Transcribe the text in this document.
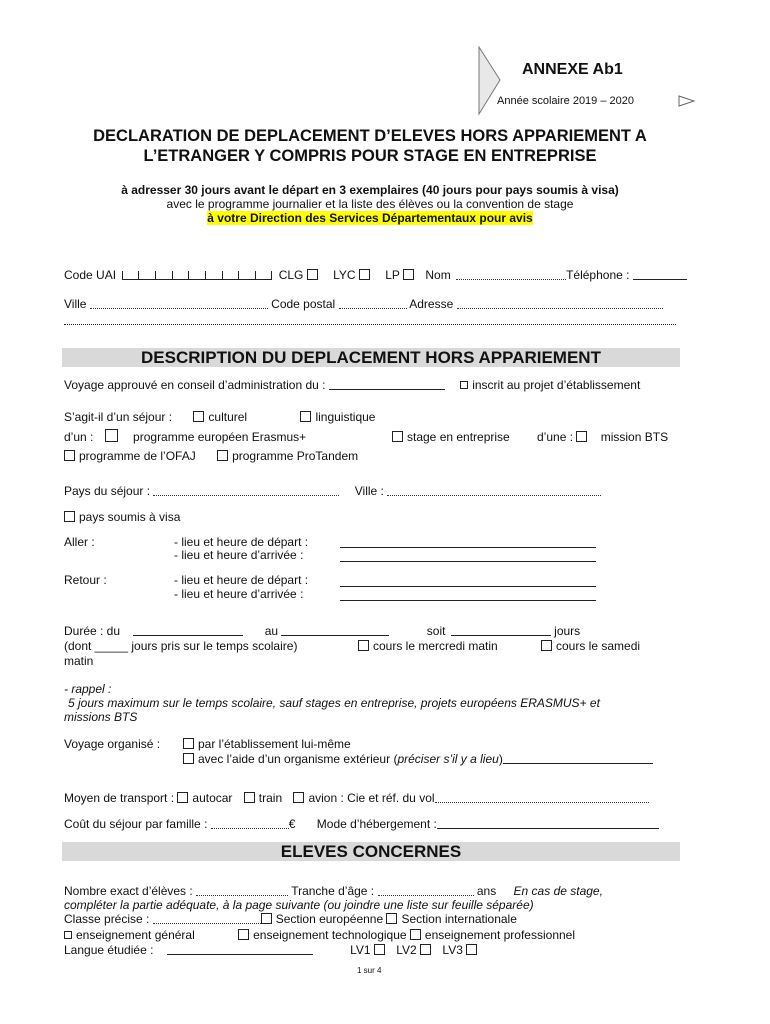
ANNEXE Ab1
Année scolaire 2019 – 2020
DECLARATION DE DEPLACEMENT D’ELEVES HORS APPARIEMENT A
L’ETRANGER Y COMPRIS POUR STAGE EN ENTREPRISE
à adresser 30 jours avant le départ en 3 exemplaires (40 jours pour pays soumis à visa)
avec le programme journalier et la liste des élèves ou la convention de stage
à votre Direction des Services Départementaux pour avis
Code UAI	CLG LYC LP Nom	Téléphone :
Ville	Code postal	Adresse
DESCRIPTION DU DEPLACEMENT HORS APPARIEMENT
Voyage approuvé en conseil d’administration du :	inscrit au projet d’établissement
S’agit-il d’un séjour :	culturel	linguistique
d’un :	programme européen Erasmus+	stage en entreprise d’une : mission BTS
programme de l’OFAJ	programme ProTandem
Pays du séjour :	Ville :
pays soumis à visa
Aller :	- lieu et heure de départ :
- lieu et heure d’arrivée :
Retour :	- lieu et heure de départ :
- lieu et heure d’arrivée :
Durée : du	au	soit	jours
(dont _____ jours pris sur le temps scolaire)	cours le mercredi matin	cours le samedi
matin
- rappel :
5 jours maximum sur le temps scolaire, sauf stages en entreprise, projets européens ERASMUS+ et
missions BTS
Voyage organisé :	par l’établissement lui-même
avec l’aide d’un organisme extérieur (préciser s’il y a lieu)
Moyen de transport : autocar train avion : Cie et réf. du vol
Coût du séjour par famille :	€ Mode d’hébergement :
ELEVES CONCERNES
Nombre exact d’élèves :	Tranche d’âge :	ans En cas de stage,
compléter la partie adéquate, à la page suivante (ou joindre une liste sur feuille séparée)
Classe précise :	Section européenne Section internationale
enseignement général	enseignement technologique enseignement professionnel
Langue étudiée :	LV1 LV2 LV3
1 sur 4
